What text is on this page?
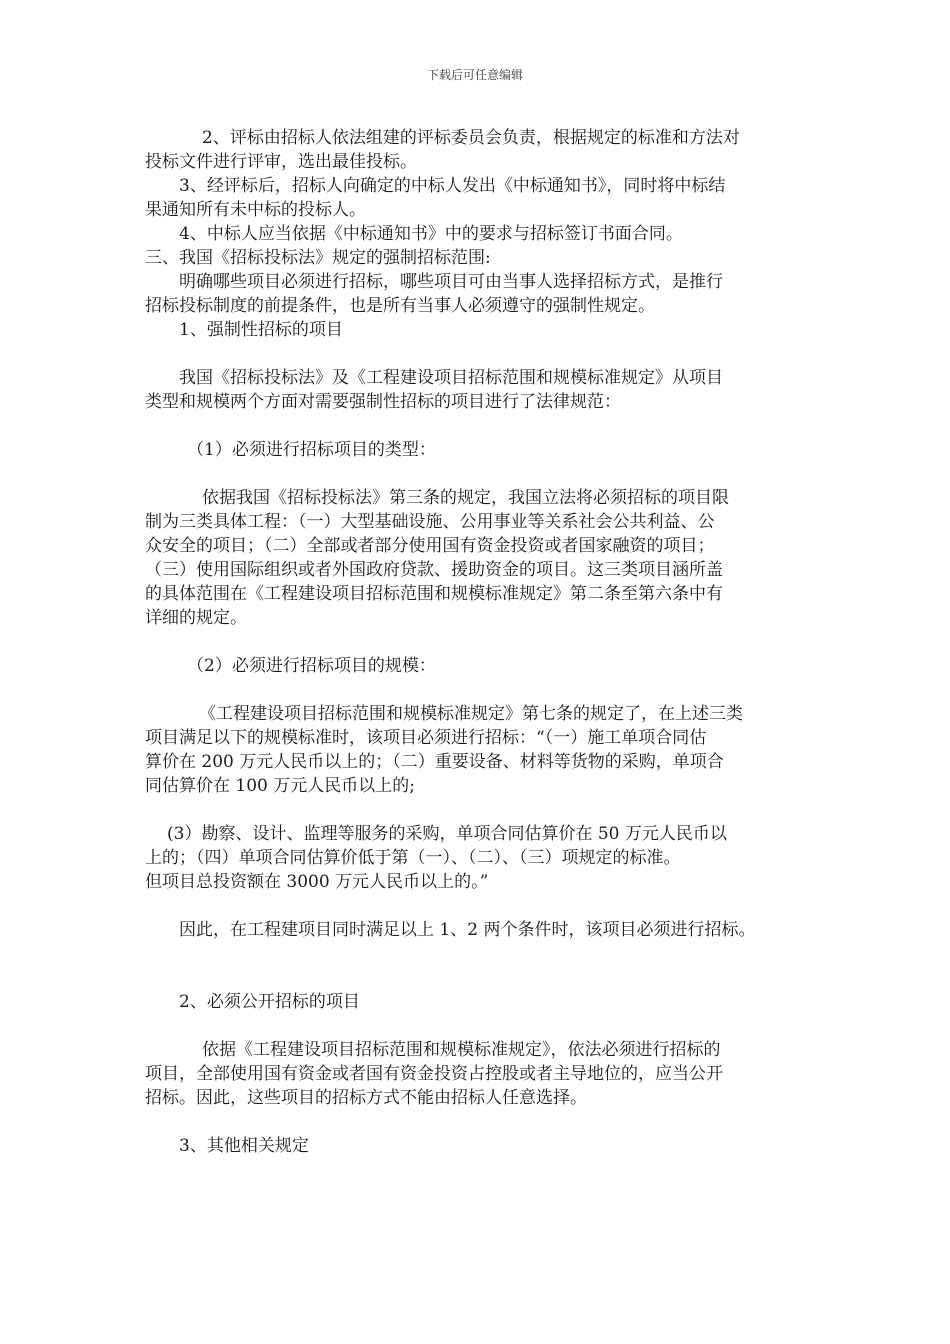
下载后可任意编辑

2、评标由招标人依法组建的评标委员会负责，根据规定的标准和方法对

投标文件进行评审，选出最佳投标。

3、经评标后，招标人向确定的中标人发出《中标通知书》，同时将中标结

果通知所有未中标的投标人。

4、中标人应当依据《中标通知书》中的要求与招标签订书面合同。

三、我国《招标投标法》规定的强制招标范围:

明确哪些项目必须进行招标，哪些项目可由当事人选择招标方式，是推行

招标投标制度的前提条件，也是所有当事人必须遵守的强制性规定。

1、强制性招标的项目

我国《招标投标法》及《工程建设项目招标范围和规模标准规定》从项目

类型和规模两个方面对需要强制性招标的项目进行了法律规范：

（1）必须进行招标项目的类型：

依据我国《招标投标法》第三条的规定，我国立法将必须招标的项目限

制为三类具体工程：（一）大型基础设施、公用事业等关系社会公共利益、公

众安全的项目；（二）全部或者部分使用国有资金投资或者国家融资的项目；

（三）使用国际组织或者外国政府贷款、援助资金的项目。这三类项目涵所盖

的具体范围在《工程建设项目招标范围和规模标准规定》第二条至第六条中有

详细的规定。

（2）必须进行招标项目的规模：

《工程建设项目招标范围和规模标准规定》第七条的规定了，在上述三类

项目满足以下的规模标准时，该项目必须进行招标：“（一）施工单项合同估

算价在 200 万元人民币以上的；（二）重要设备、材料等货物的采购，单项合

同估算价在 100 万元人民币以上的;

(3）勘察、设计、监理等服务的采购，单项合同估算价在 50 万元人民币以

上的；（四）单项合同估算价低于第（一）、（二）、（三）项规定的标准。

但项目总投资额在 3000 万元人民币以上的。”

因此，在工程建项目同时满足以上 1、2 两个条件时，该项目必须进行招标。

2、必须公开招标的项目

依据《工程建设项目招标范围和规模标准规定》，依法必须进行招标的

项目，全部使用国有资金或者国有资金投资占控股或者主导地位的，应当公开

招标。因此，这些项目的招标方式不能由招标人任意选择。

3、其他相关规定
